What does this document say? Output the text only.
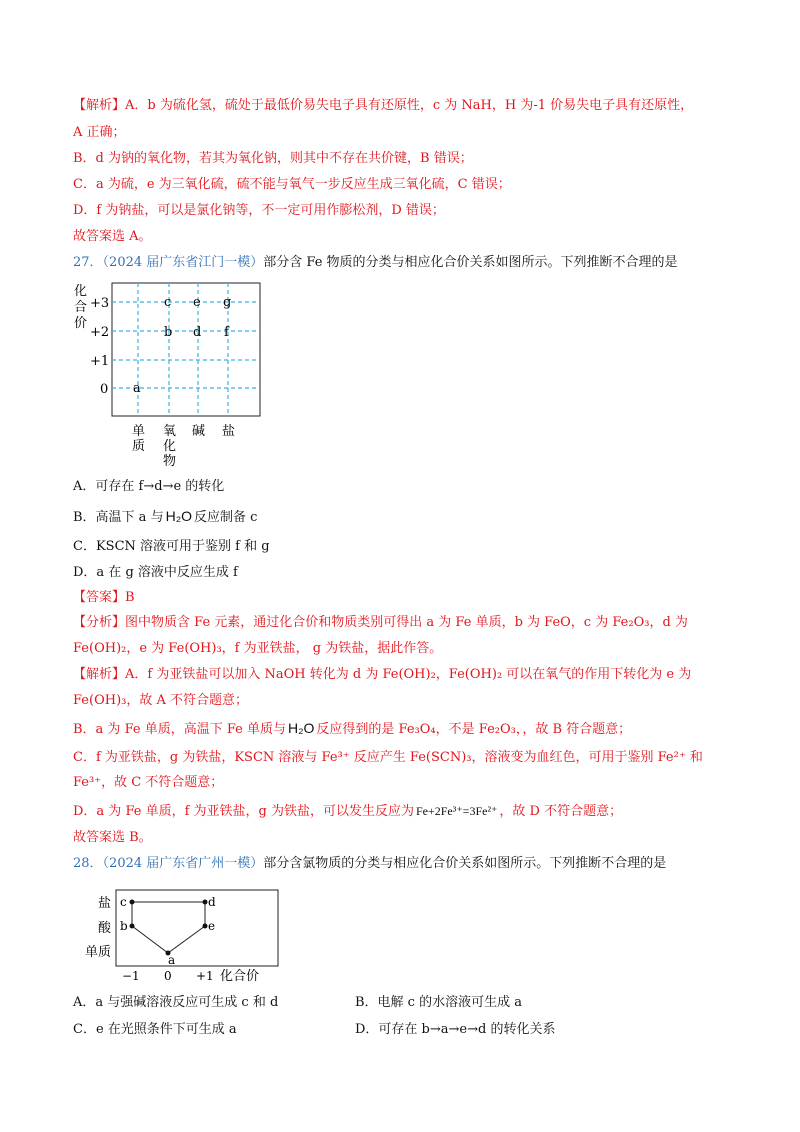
【解析】A．b 为硫化氢，硫处于最低价易失电子具有还原性，c 为 NaH，H 为-1 价易失电子具有还原性，
A 正确；
B．d 为钠的氧化物，若其为氧化钠，则其中不存在共价键，B 错误；
C．a 为硫，e 为三氧化硫，硫不能与氧气一步反应生成三氧化硫，C 错误；
D．f 为钠盐，可以是氯化钠等，不一定可用作膨松剂，D 错误；
故答案选 A。
27．（2024 届广东省江门一模）部分含 Fe 物质的分类与相应化合价关系如图所示。下列推断不合理的是
化
合
价
+3
+2
+1
0 a
b
c
d
e
f
g
单
质
氧
化
物
碱 盐
A．可存在 f→d→e 的转化
B．高温下 a 与 H₂O 反应制备 c
C．KSCN 溶液可用于鉴别 f 和 g
D．a 在 g 溶液中反应生成 f
【答案】B
【分析】图中物质含 Fe 元素，通过化合价和物质类别可得出 a 为 Fe 单质，b 为 FeO，c 为 Fe₂O₃，d 为
Fe(OH)₂，e 为 Fe(OH)₃，f 为亚铁盐， g 为铁盐，据此作答。
【解析】A．f 为亚铁盐可以加入 NaOH 转化为 d 为 Fe(OH)₂，Fe(OH)₂ 可以在氧气的作用下转化为 e 为
Fe(OH)₃，故 A 不符合题意；
B．a 为 Fe 单质，高温下 Fe 单质与 H₂O 反应得到的是 Fe₃O₄，不是 Fe₂O₃，，故 B 符合题意；
C．f 为亚铁盐，g 为铁盐，KSCN 溶液与 Fe³⁺ 反应产生 Fe(SCN)₃，溶液变为血红色，可用于鉴别 Fe²⁺ 和
Fe³⁺，故 C 不符合题意；
D．a 为 Fe 单质，f 为亚铁盐，g 为铁盐，可以发生反应为 Fe+2Fe³⁺=3Fe²⁺ ，故 D 不符合题意；
故答案选 B。
28．（2024 届广东省广州一模）部分含氯物质的分类与相应化合价关系如图所示。下列推断不合理的是
盐
酸
单质
c
b
a
e
d
−1 0 +1 化合价
A．a 与强碱溶液反应可生成 c 和 d	B．电解 c 的水溶液可生成 a
C．e 在光照条件下可生成 a	D．可存在 b→a→e→d 的转化关系
